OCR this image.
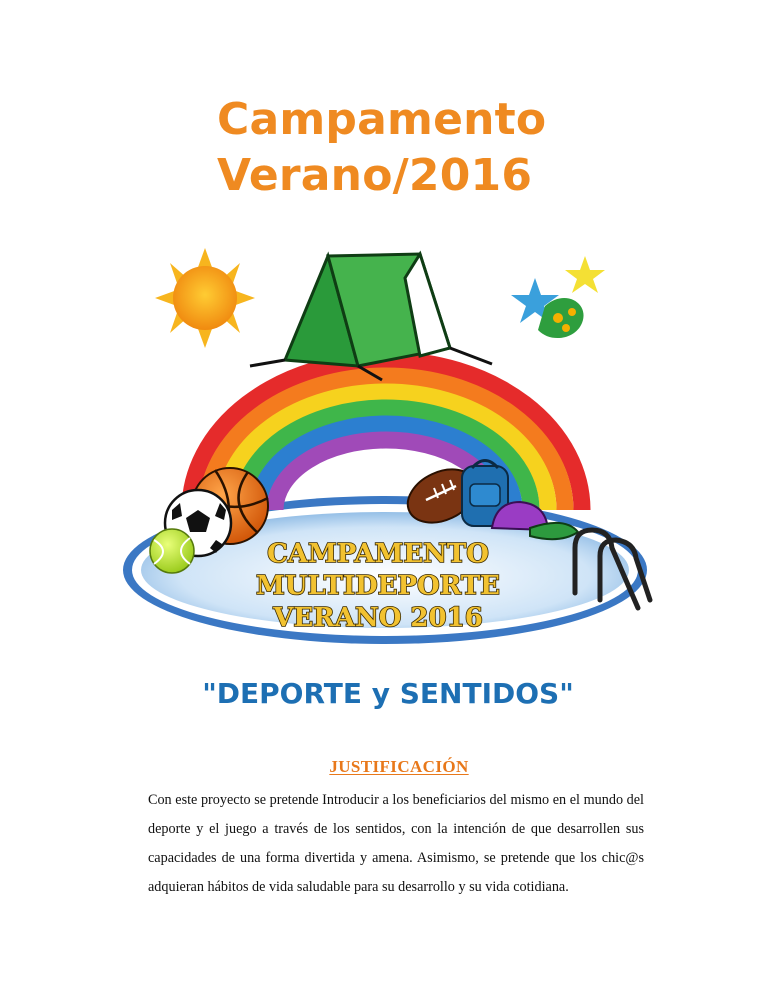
Campamento
Verano/2016
CAMPAMENTO
MULTIDEPORTE
VERANO 2016
"DEPORTE y SENTIDOS"
JUSTIFICACIÓN
Con este proyecto se pretende Introducir a los beneficiarios del mismo en el mundo del deporte y el juego a través de los sentidos, con la intención de que desarrollen sus capacidades de una forma divertida y amena. Asimismo, se pretende que los chic@s adquieran hábitos de vida saludable para su desarrollo y su vida cotidiana.
